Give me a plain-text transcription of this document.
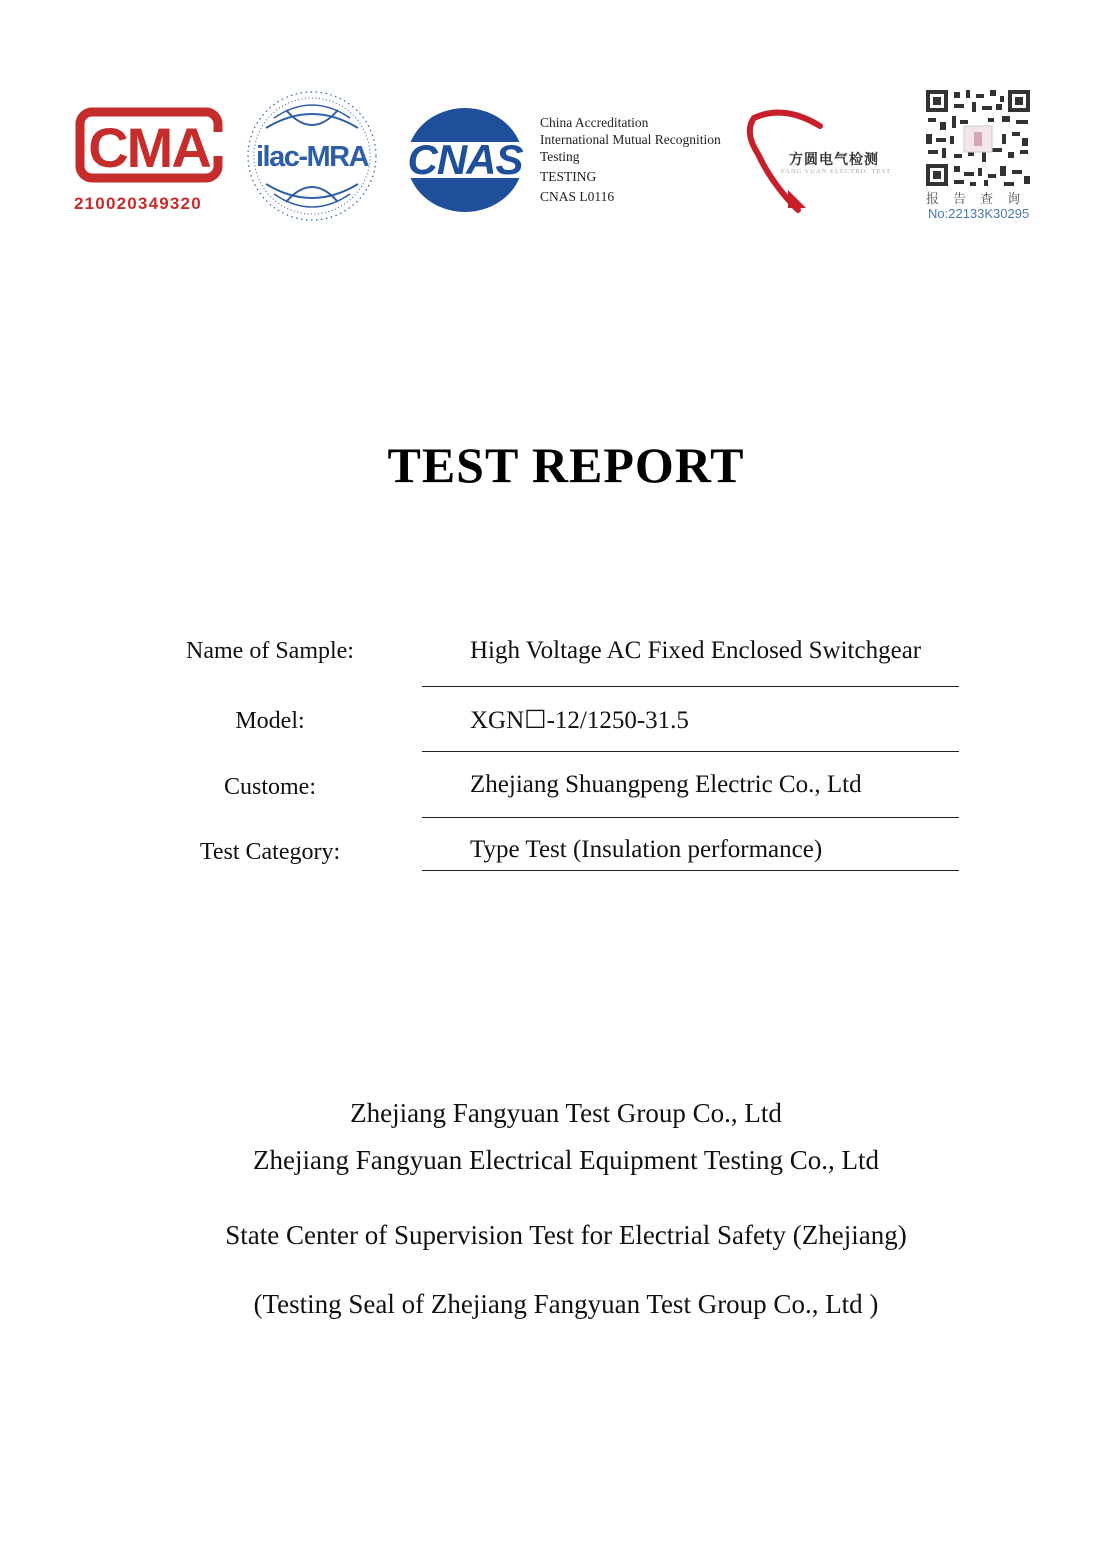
CMA
210020349320
ilac-MRA CNAS
China Accreditation
International Mutual Recognition
Testing
TESTING
CNAS L0116
方圆电气检测
FANG YUAN ELECTRIC TEST
报告查询
No:22133K30295
TEST REPORT
Name of Sample:	High Voltage AC Fixed Enclosed Switchgear
Model:	XGN☐-12/1250-31.5
Custome:	Zhejiang Shuangpeng Electric Co., Ltd
Test Category:	Type Test (Insulation performance)
Zhejiang Fangyuan Test Group Co., Ltd
Zhejiang Fangyuan Electrical Equipment Testing Co., Ltd
State Center of Supervision Test for Electrial Safety (Zhejiang)
(Testing Seal of Zhejiang Fangyuan Test Group Co., Ltd )
